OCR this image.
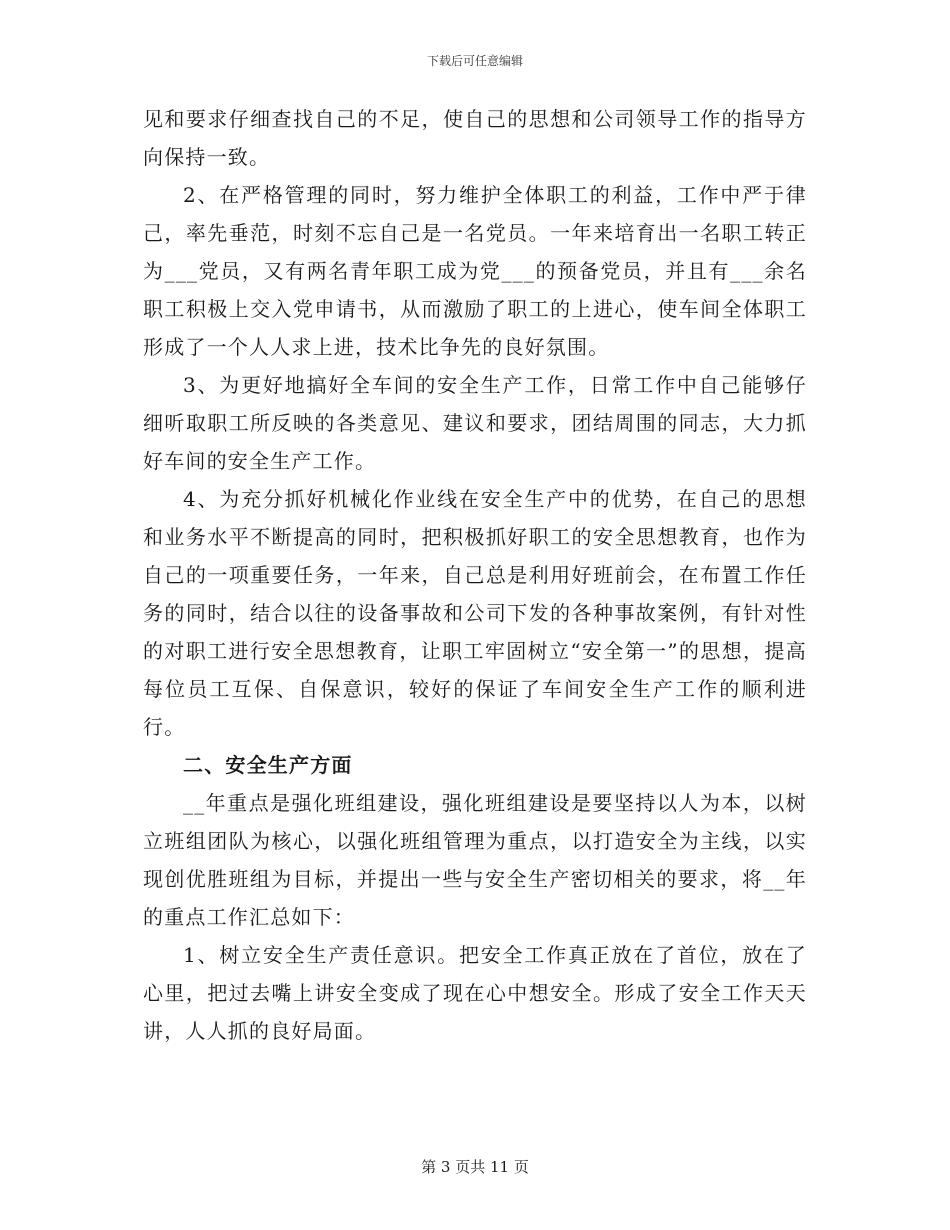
下载后可任意编辑

见和要求仔细查找自己的不足，使自己的思想和公司领导工作的指导方向保持一致。

2、在严格管理的同时，努力维护全体职工的利益，工作中严于律己，率先垂范，时刻不忘自己是一名党员。一年来培育出一名职工转正为___党员，又有两名青年职工成为党___的预备党员，并且有___余名职工积极上交入党申请书，从而激励了职工的上进心，使车间全体职工形成了一个人人求上进，技术比争先的良好氛围。

3、为更好地搞好全车间的安全生产工作，日常工作中自己能够仔细听取职工所反映的各类意见、建议和要求，团结周围的同志，大力抓好车间的安全生产工作。

4、为充分抓好机械化作业线在安全生产中的优势，在自己的思想和业务水平不断提高的同时，把积极抓好职工的安全思想教育，也作为自己的一项重要任务，一年来，自己总是利用好班前会，在布置工作任务的同时，结合以往的设备事故和公司下发的各种事故案例，有针对性的对职工进行安全思想教育，让职工牢固树立“安全第一”的思想，提高每位员工互保、自保意识，较好的保证了车间安全生产工作的顺利进行。

二、安全生产方面

__年重点是强化班组建设，强化班组建设是要坚持以人为本，以树立班组团队为核心，以强化班组管理为重点，以打造安全为主线，以实现创优胜班组为目标，并提出一些与安全生产密切相关的要求，将__年的重点工作汇总如下：

1、树立安全生产责任意识。把安全工作真正放在了首位，放在了心里，把过去嘴上讲安全变成了现在心中想安全。形成了安全工作天天讲，人人抓的良好局面。

第 3 页共 11 页
